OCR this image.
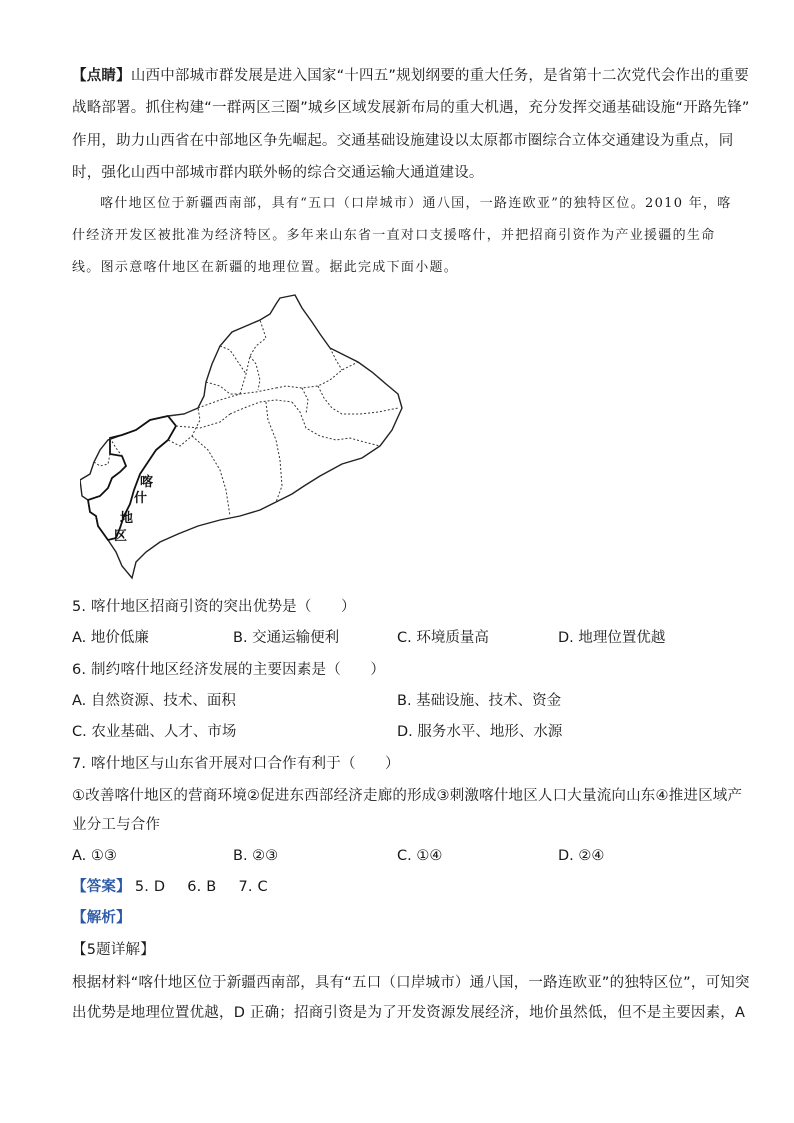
【点睛】山西中部城市群发展是进入国家“十四五”规划纲要的重大任务，是省第十二次党代会作出的重要
战略部署。抓住构建“一群两区三圈”城乡区域发展新布局的重大机遇，充分发挥交通基础设施“开路先锋”
作用，助力山西省在中部地区争先崛起。交通基础设施建设以太原都市圈综合立体交通建设为重点，同
时，强化山西中部城市群内联外畅的综合交通运输大通道建设。
喀什地区位于新疆西南部，具有“五口（口岸城市）通八国，一路连欧亚”的独特区位。2010 年，喀
什经济开发区被批准为经济特区。多年来山东省一直对口支援喀什，并把招商引资作为产业援疆的生命
线。图示意喀什地区在新疆的地理位置。据此完成下面小题。
喀
什
地
区
5. 喀什地区招商引资的突出优势是（　　）
A. 地价低廉	B. 交通运输便利	C. 环境质量高	D. 地理位置优越
6. 制约喀什地区经济发展的主要因素是（　　）
A. 自然资源、技术、面积	B. 基础设施、技术、资金
C. 农业基础、人才、市场	D. 服务水平、地形、水源
7. 喀什地区与山东省开展对口合作有利于（　　）
①改善喀什地区的营商环境②促进东西部经济走廊的形成③刺激喀什地区人口大量流向山东④推进区域产
业分工与合作
A. ①③	B. ②③	C. ①④	D. ②④
【答案】 5. D 6. B 7. C
【解析】
【5题详解】
根据材料“喀什地区位于新疆西南部，具有“五口（口岸城市）通八国，一路连欧亚”的独特区位”，可知突
出优势是地理位置优越，D 正确；招商引资是为了开发资源发展经济，地价虽然低，但不是主要因素，A
